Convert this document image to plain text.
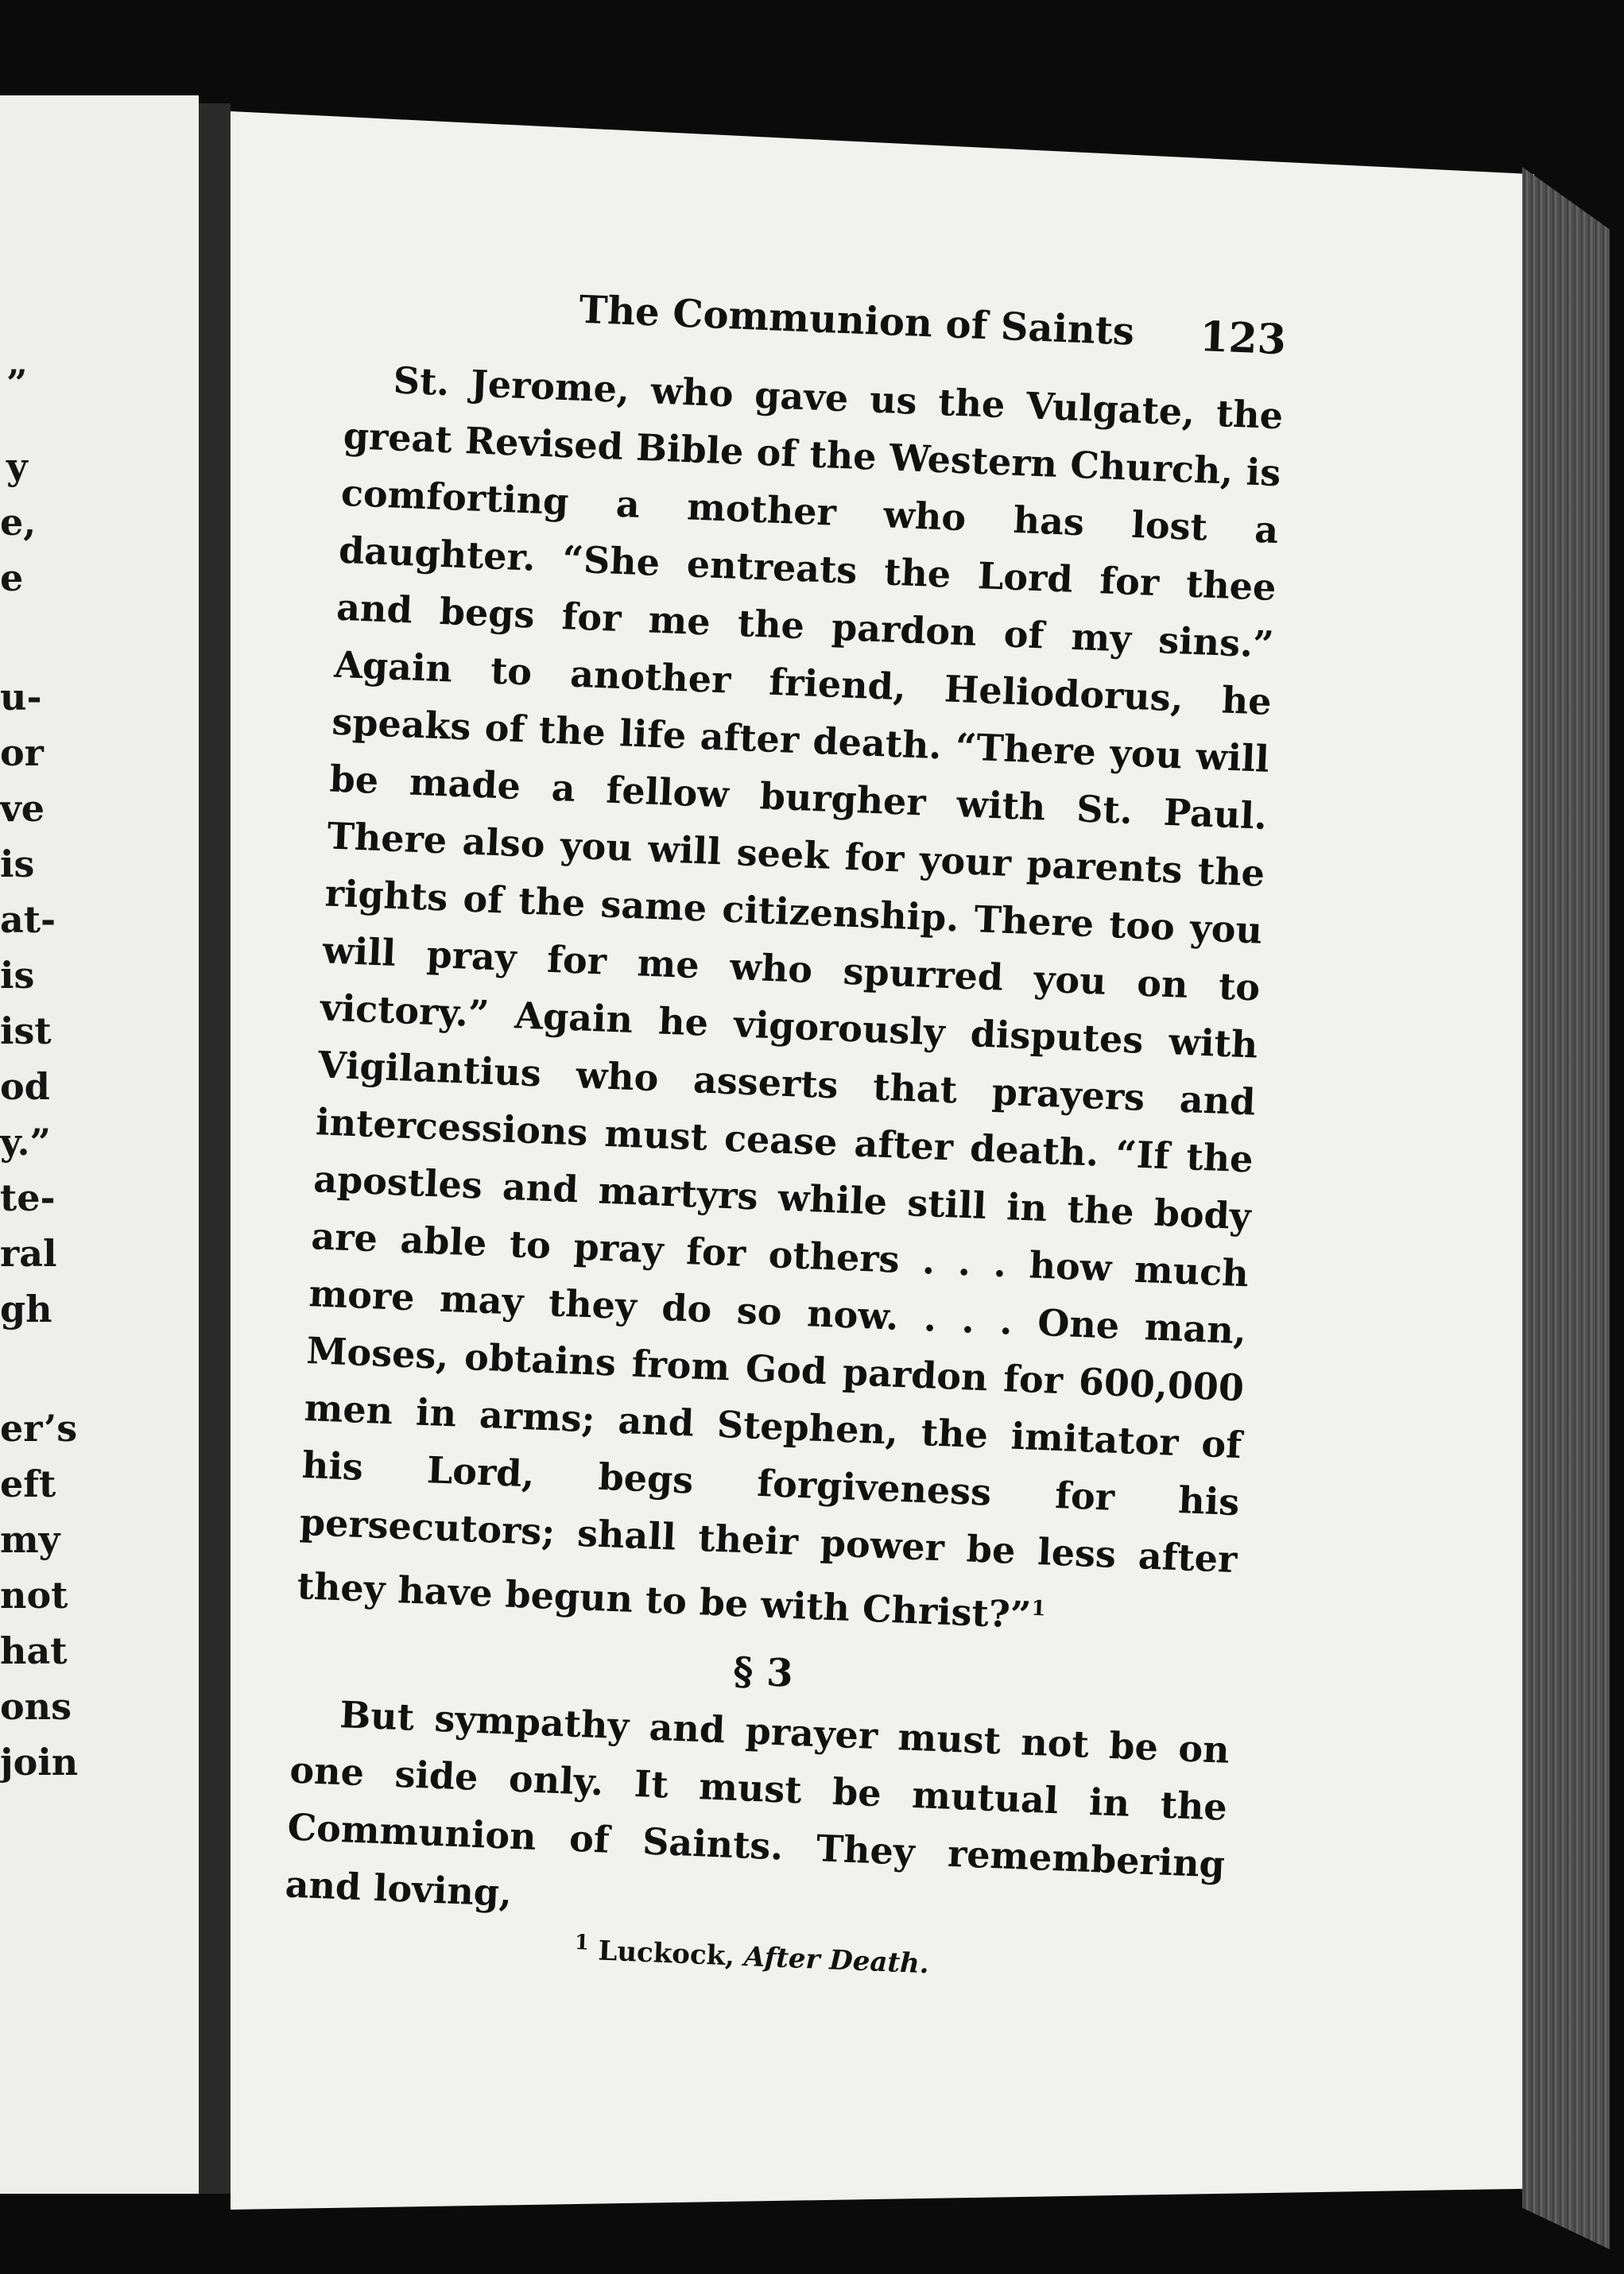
”
y
e,
e
u-
or
ve
is
at-
is
ist
od
y.”
te-
ral
gh
er’s
eft
my
not
hat
ons
join
The Communion of Saints 123

St. Jerome, who gave us the Vulgate, the great Revised Bible of the Western Church, is comforting a mother who has lost a daughter. “She entreats the Lord for thee and begs for me the pardon of my sins.” Again to another friend, Heliodorus, he speaks of the life after death. “There you will be made a fellow burgher with St. Paul. There also you will seek for your parents the rights of the same citizenship. There too you will pray for me who spurred you on to victory.” Again he vigorously disputes with Vigilantius who asserts that prayers and intercessions must cease after death. “If the apostles and martyrs while still in the body are able to pray for others . . . how much more may they do so now. . . . One man, Moses, obtains from God pardon for 600,000 men in arms; and Stephen, the imitator of his Lord, begs forgiveness for his persecutors; shall their power be less after they have begun to be with Christ?”$^1$

§ 3

But sympathy and prayer must not be on one side only. It must be mutual in the Communion of Saints. They remembering and loving,

$^1$ Luckock, After Death.
